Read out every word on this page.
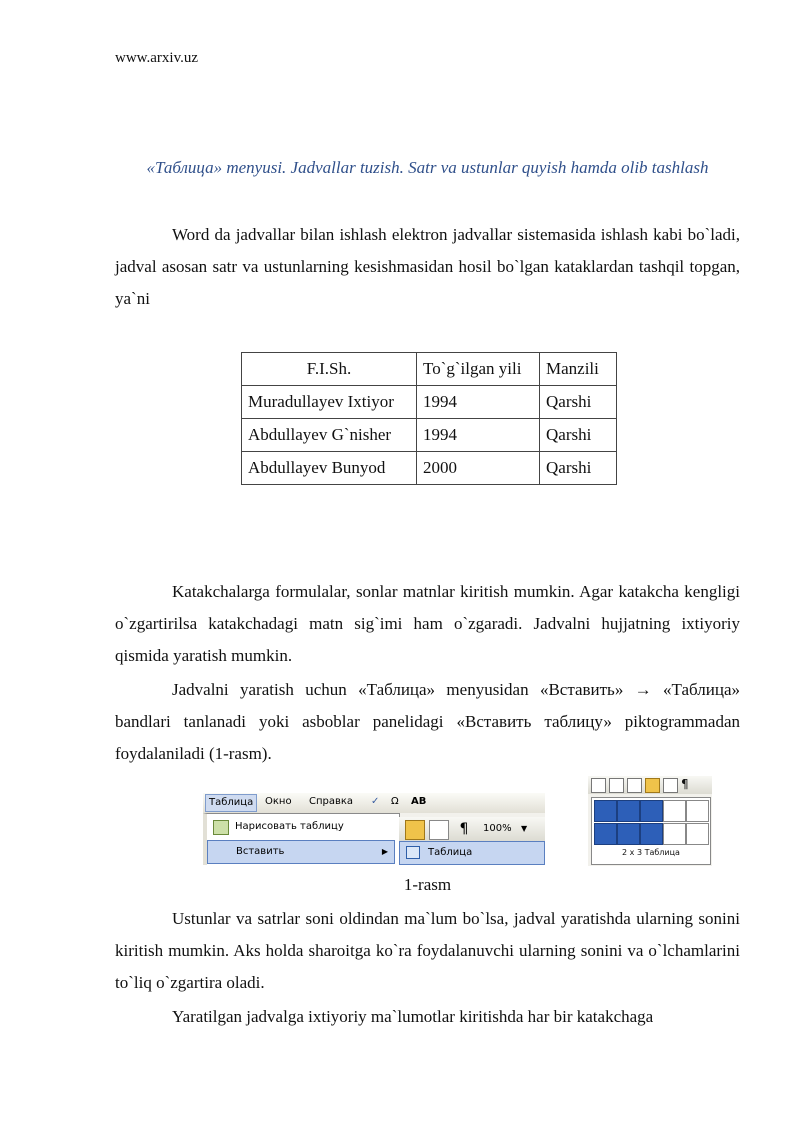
www.arxiv.uz
«Таблица» menyusi. Jadvallar tuzish. Satr va ustunlar quyish hamda olib tashlash
Word da jadvallar bilan ishlash elektron jadvallar sistemasida ishlash kabi bo`ladi, jadval asosan satr va ustunlarning kesishmasidan hosil bo`lgan kataklardan tashqil topgan, ya`ni
F.I.Sh.	To`g`ilgan yili	Manzili
Muradullayev Ixtiyor	1994	Qarshi
Abdullayev G`nisher	1994	Qarshi
Abdullayev Bunyod	2000	Qarshi
Katakchalarga formulalar, sonlar matnlar kiritish mumkin. Agar katakcha kengligi o`zgartirilsa katakchadagi matn sig`imi ham o`zgaradi. Jadvalni hujjatning ixtiyoriy qismida yaratish mumkin.
Jadvalni yaratish uchun «Таблица» menyusidan «Вставить» → «Таблица» bandlari tanlanadi yoki asboblar panelidagi «Вставить таблицу» piktogrammadan foydalaniladi (1-rasm).
Таблица	Окно Справка ✓ Ω AB
Нарисовать таблицу
Вставить	▶
¶	100% ▼
Таблица
¶
2 x 3 Таблица
1-rasm
Ustunlar va satrlar soni oldindan ma`lum bo`lsa, jadval yaratishda ularning sonini kiritish mumkin. Aks holda sharoitga ko`ra foydalanuvchi ularning sonini va o`lchamlarini to`liq o`zgartira oladi.
Yaratilgan jadvalga ixtiyoriy ma`lumotlar kiritishda har bir katakchaga
